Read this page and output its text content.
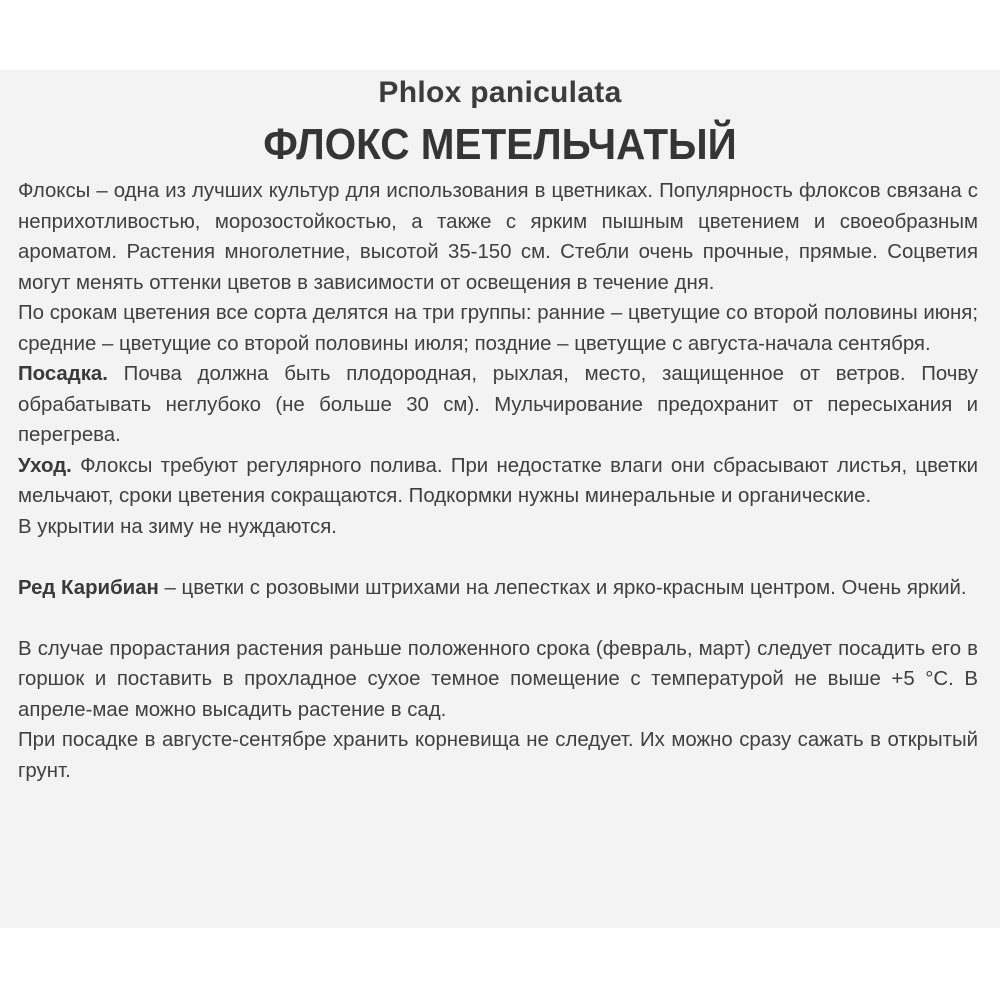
Phlox paniculata
ФЛОКС МЕТЕЛЬЧАТЫЙ

Флоксы – одна из лучших культур для использования в цветниках. Популярность флоксов связана с неприхотливостью, морозостойкостью, а также с ярким пышным цветением и своеобразным ароматом. Растения многолетние, высотой 35-150 см. Стебли очень прочные, прямые. Соцветия могут менять оттенки цветов в зависимости от освещения в течение дня.

По срокам цветения все сорта делятся на три группы: ранние – цветущие со второй половины июня; средние – цветущие со второй половины июля; поздние – цветущие с августа-начала сентября.

Посадка. Почва должна быть плодородная, рыхлая, место, защищенное от ветров. Почву обрабатывать неглубоко (не больше 30 см). Мульчирование предохранит от пересыхания и перегрева.

Уход. Флоксы требуют регулярного полива. При недостатке влаги они сбрасывают листья, цветки мельчают, сроки цветения сокращаются. Подкормки нужны минеральные и органические.

В укрытии на зиму не нуждаются.

Ред Карибиан – цветки с розовыми штрихами на лепестках и ярко-красным центром. Очень яркий.

В случае прорастания растения раньше положенного срока (февраль, март) следует посадить его в горшок и поставить в прохладное сухое темное помещение с температурой не выше +5 °С. В апреле-мае можно высадить растение в сад.

При посадке в августе-сентябре хранить корневища не следует. Их можно сразу сажать в открытый грунт.
